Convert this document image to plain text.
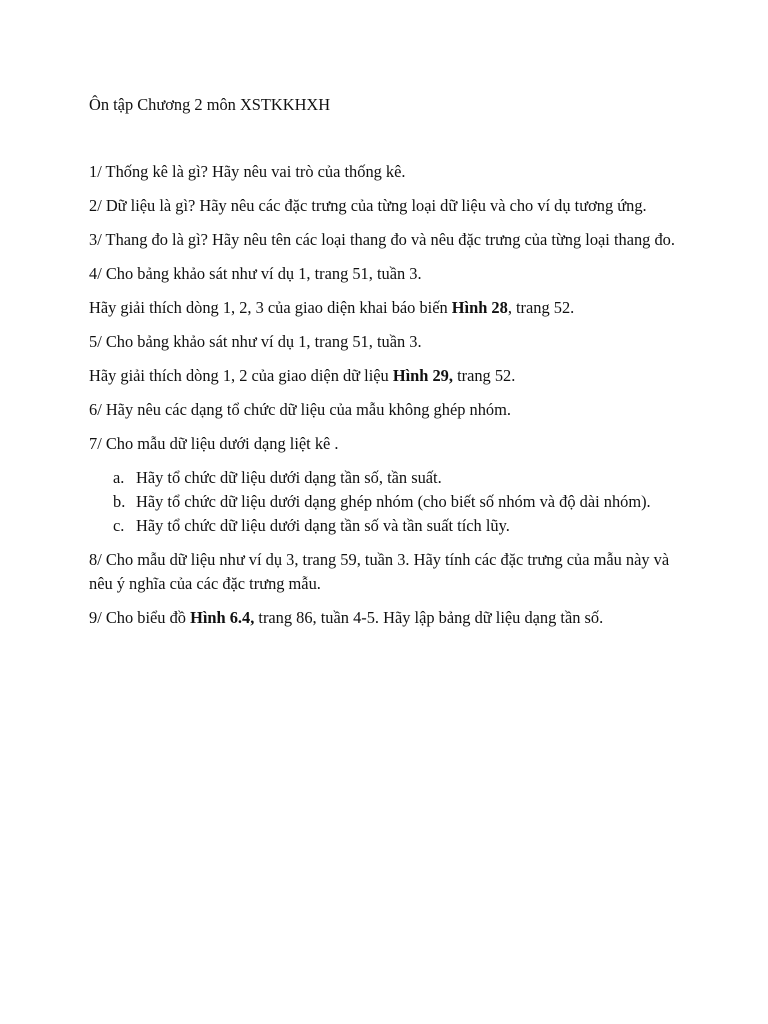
Ôn tập Chương 2 môn XSTKKHXH

1/ Thống kê là gì? Hãy nêu vai trò của thống kê.

2/ Dữ liệu là gì? Hãy nêu các đặc trưng của từng loại dữ liệu và cho ví dụ tương ứng.

3/ Thang đo là gì? Hãy nêu tên các loại thang đo và nêu đặc trưng của từng loại thang đo.

4/ Cho bảng khảo sát như ví dụ 1, trang 51, tuần 3.

Hãy giải thích dòng 1, 2, 3 của giao diện khai báo biến Hình 28, trang 52.

5/ Cho bảng khảo sát như ví dụ 1, trang 51, tuần 3.

Hãy giải thích dòng 1, 2 của giao diện dữ liệu Hình 29, trang 52.

6/ Hãy nêu các dạng tổ chức dữ liệu của mẫu không ghép nhóm.

7/ Cho mẫu dữ liệu dưới dạng liệt kê .

a. Hãy tổ chức dữ liệu dưới dạng tần số, tần suất.
b. Hãy tổ chức dữ liệu dưới dạng ghép nhóm (cho biết số nhóm và độ dài nhóm).
c. Hãy tổ chức dữ liệu dưới dạng tần số và tần suất tích lũy.

8/ Cho mẫu dữ liệu như ví dụ 3, trang 59, tuần 3. Hãy tính các đặc trưng của mẫu này và nêu ý nghĩa của các đặc trưng mẫu.

9/ Cho biểu đồ Hình 6.4, trang 86, tuần 4-5. Hãy lập bảng dữ liệu dạng tần số.
